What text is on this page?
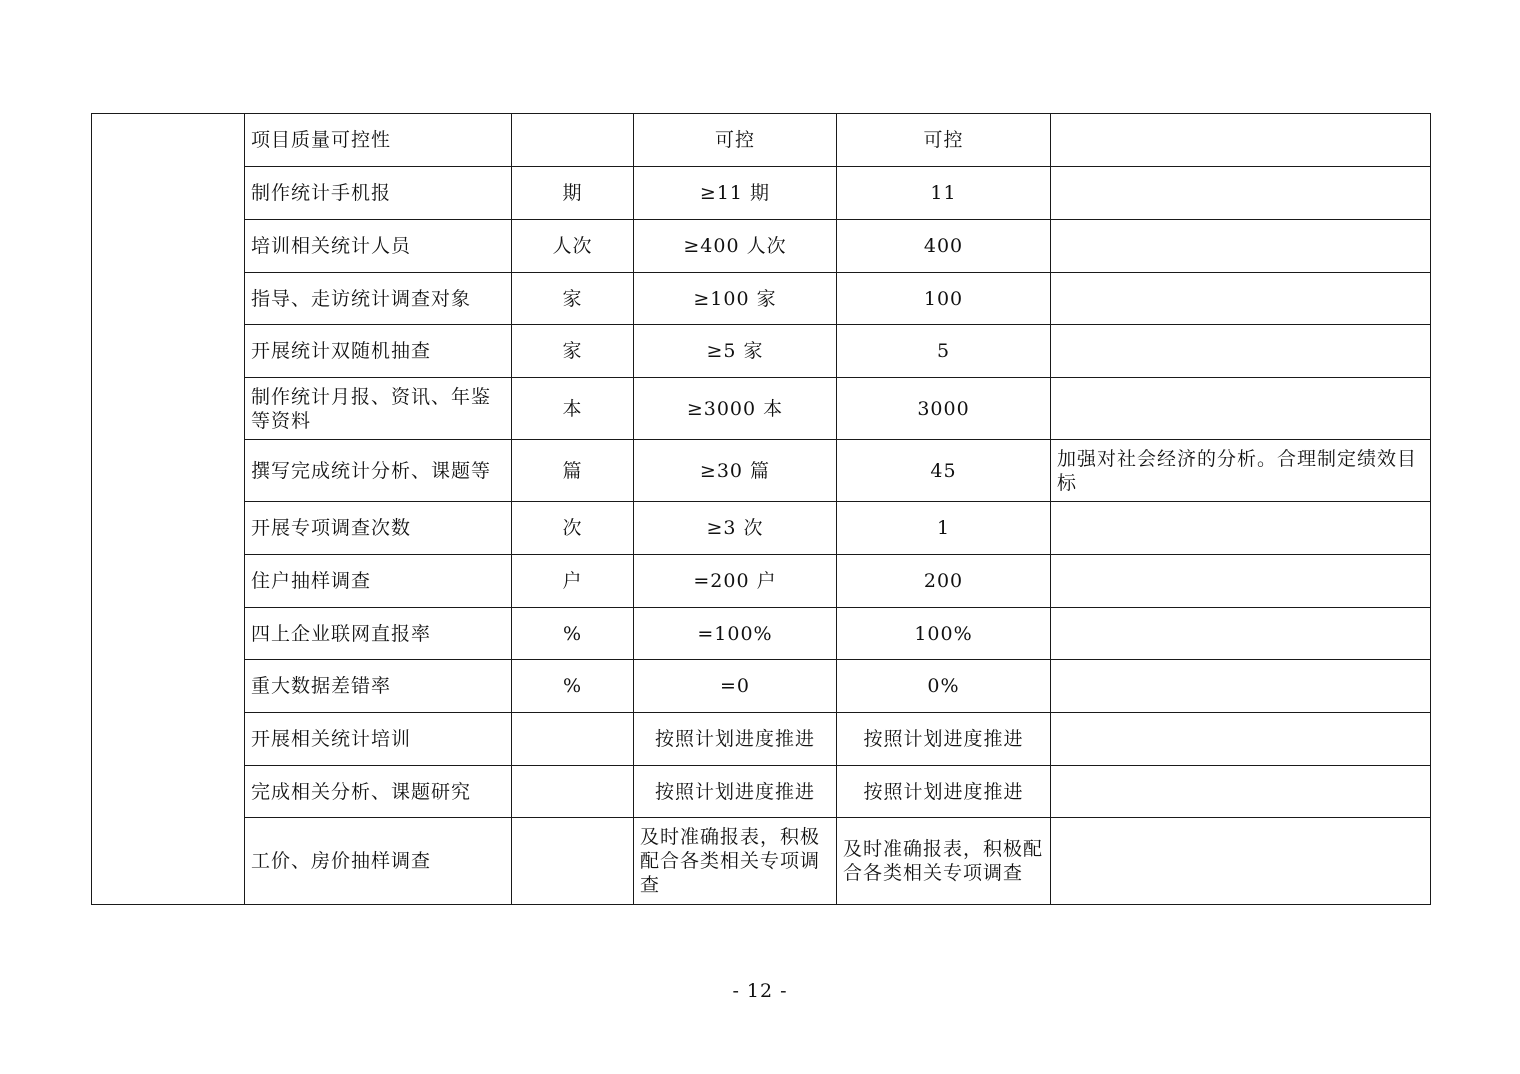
	项目质量可控性		可控	可控	
	制作统计手机报	期	≥11 期	11	
	培训相关统计人员	人次	≥400 人次	400	
	指导、走访统计调查对象	家	≥100 家	100	
	开展统计双随机抽查	家	≥5 家	5	
	制作统计月报、资讯、年鉴等资料	本	≥3000 本	3000	
	撰写完成统计分析、课题等	篇	≥30 篇	45	加强对社会经济的分析。合理制定绩效目标
	开展专项调查次数	次	≥3 次	1	
	住户抽样调查	户	=200 户	200	
	四上企业联网直报率	%	=100%	100%	
	重大数据差错率	%	=0	0%	
	开展相关统计培训		按照计划进度推进	按照计划进度推进	
	完成相关分析、课题研究		按照计划进度推进	按照计划进度推进	
	工价、房价抽样调查		及时准确报表，积极配合各类相关专项调查	及时准确报表，积极配合各类相关专项调查	
- 12 -
